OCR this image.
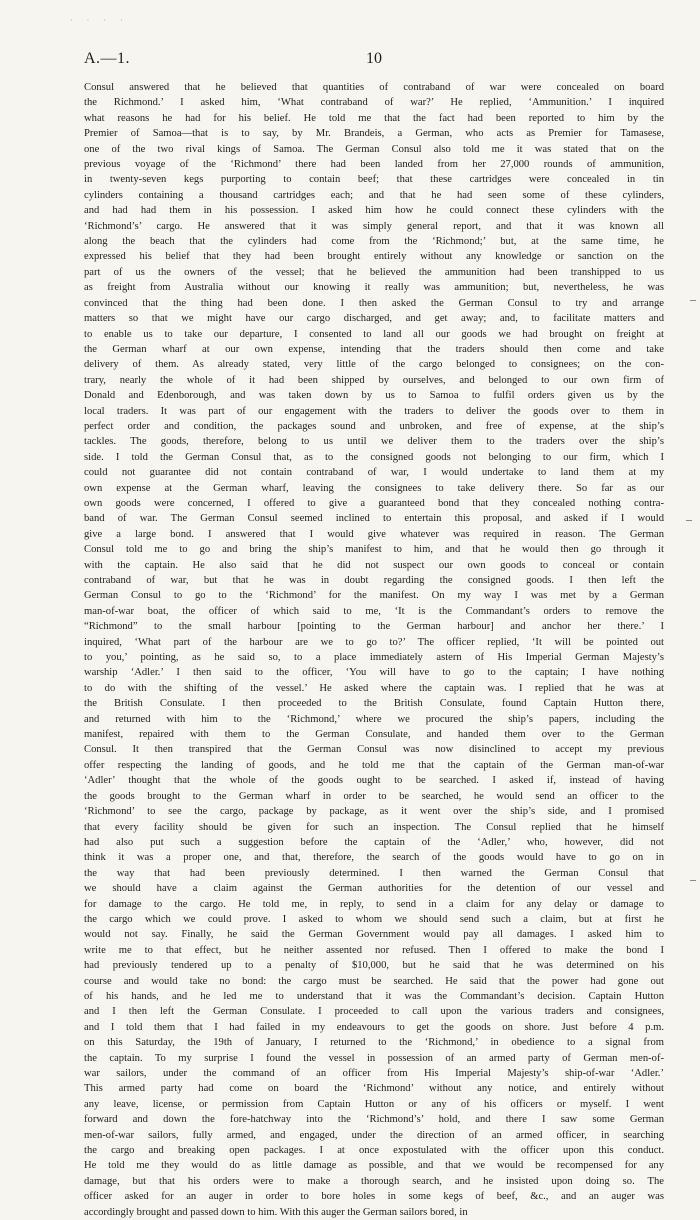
· · · ·
A.—1.	10
Consul answered that he believed that quantities of contraband of war were concealed on board
the Richmond.’ I asked him, ‘What contraband of war?’ He replied, ‘Ammunition.’ I inquired
what reasons he had for his belief. He told me that the fact had been reported to him by the
Premier of Samoa—that is to say, by Mr. Brandeis, a German, who acts as Premier for Tamasese,
one of the two rival kings of Samoa. The German Consul also told me it was stated that on the
previous voyage of the ‘Richmond’ there had been landed from her 27,000 rounds of ammunition,
in twenty-seven kegs purporting to contain beef; that these cartridges were concealed in tin
cylinders containing a thousand cartridges each; and that he had seen some of these cylinders,
and had had them in his possession. I asked him how he could connect these cylinders with the
‘Richmond’s’ cargo. He answered that it was simply general report, and that it was known all
along the beach that the cylinders had come from the ‘Richmond;’ but, at the same time, he
expressed his belief that they had been brought entirely without any knowledge or sanction on the
part of us the owners of the vessel; that he believed the ammunition had been transhipped to us
as freight from Australia without our knowing it really was ammunition; but, nevertheless, he was
convinced that the thing had been done. I then asked the German Consul to try and arrange
matters so that we might have our cargo discharged, and get away; and, to facilitate matters and
to enable us to take our departure, I consented to land all our goods we had brought on freight at
the German wharf at our own expense, intending that the traders should then come and take
delivery of them. As already stated, very little of the cargo belonged to consignees; on the con-
trary, nearly the whole of it had been shipped by ourselves, and belonged to our own firm of
Donald and Edenborough, and was taken down by us to Samoa to fulfil orders given us by the
local traders. It was part of our engagement with the traders to deliver the goods over to them in
perfect order and condition, the packages sound and unbroken, and free of expense, at the ship’s
tackles. The goods, therefore, belong to us until we deliver them to the traders over the ship’s
side. I told the German Consul that, as to the consigned goods not belonging to our firm, which I
could not guarantee did not contain contraband of war, I would undertake to land them at my
own expense at the German wharf, leaving the consignees to take delivery there. So far as our
own goods were concerned, I offered to give a guaranteed bond that they concealed nothing contra-
band of war. The German Consul seemed inclined to entertain this proposal, and asked if I would
give a large bond. I answered that I would give whatever was required in reason. The German
Consul told me to go and bring the ship’s manifest to him, and that he would then go through it
with the captain. He also said that he did not suspect our own goods to conceal or contain
contraband of war, but that he was in doubt regarding the consigned goods. I then left the
German Consul to go to the ‘Richmond’ for the manifest. On my way I was met by a German
man-of-war boat, the officer of which said to me, ‘It is the Commandant’s orders to remove the
“Richmond” to the small harbour [pointing to the German harbour] and anchor her there.’ I
inquired, ‘What part of the harbour are we to go to?’ The officer replied, ‘It will be pointed out
to you,’ pointing, as he said so, to a place immediately astern of His Imperial German Majesty’s
warship ‘Adler.’ I then said to the officer, ‘You will have to go to the captain; I have nothing
to do with the shifting of the vessel.’ He asked where the captain was. I replied that he was at
the British Consulate. I then proceeded to the British Consulate, found Captain Hutton there,
and returned with him to the ‘Richmond,’ where we procured the ship’s papers, including the
manifest, repaired with them to the German Consulate, and handed them over to the German
Consul. It then transpired that the German Consul was now disinclined to accept my previous
offer respecting the landing of goods, and he told me that the captain of the German man-of-war
‘Adler’ thought that the whole of the goods ought to be searched. I asked if, instead of having
the goods brought to the German wharf in order to be searched, he would send an officer to the
‘Richmond’ to see the cargo, package by package, as it went over the ship’s side, and I promised
that every facility should be given for such an inspection. The Consul replied that he himself
had also put such a suggestion before the captain of the ‘Adler,’ who, however, did not
think it was a proper one, and that, therefore, the search of the goods would have to go on in
the way that had been previously determined. I then warned the German Consul that
we should have a claim against the German authorities for the detention of our vessel and
for damage to the cargo. He told me, in reply, to send in a claim for any delay or damage to
the cargo which we could prove. I asked to whom we should send such a claim, but at first he
would not say. Finally, he said the German Government would pay all damages. I asked him to
write me to that effect, but he neither assented nor refused. Then I offered to make the bond I
had previously tendered up to a penalty of $10,000, but he said that he was determined on his
course and would take no bond: the cargo must be searched. He said that the power had gone out
of his hands, and he led me to understand that it was the Commandant’s decision. Captain Hutton
and I then left the German Consulate. I proceeded to call upon the various traders and consignees,
and I told them that I had failed in my endeavours to get the goods on shore. Just before 4 p.m.
on this Saturday, the 19th of January, I returned to the ‘Richmond,’ in obedience to a signal from
the captain. To my surprise I found the vessel in possession of an armed party of German men-of-
war sailors, under the command of an officer from His Imperial Majesty’s ship-of-war ‘Adler.’
This armed party had come on board the ‘Richmond’ without any notice, and entirely without
any leave, license, or permission from Captain Hutton or any of his officers or myself. I went
forward and down the fore-hatchway into the ‘Richmond’s’ hold, and there I saw some German
men-of-war sailors, fully armed, and engaged, under the direction of an armed officer, in searching
the cargo and breaking open packages. I at once expostulated with the officer upon this conduct.
He told me they would do as little damage as possible, and that we would be recompensed for any
damage, but that his orders were to make a thorough search, and he insisted upon doing so. The
officer asked for an auger in order to bore holes in some kegs of beef, &c., and an auger was
accordingly brought and passed down to him. With this auger the German sailors bored, in
